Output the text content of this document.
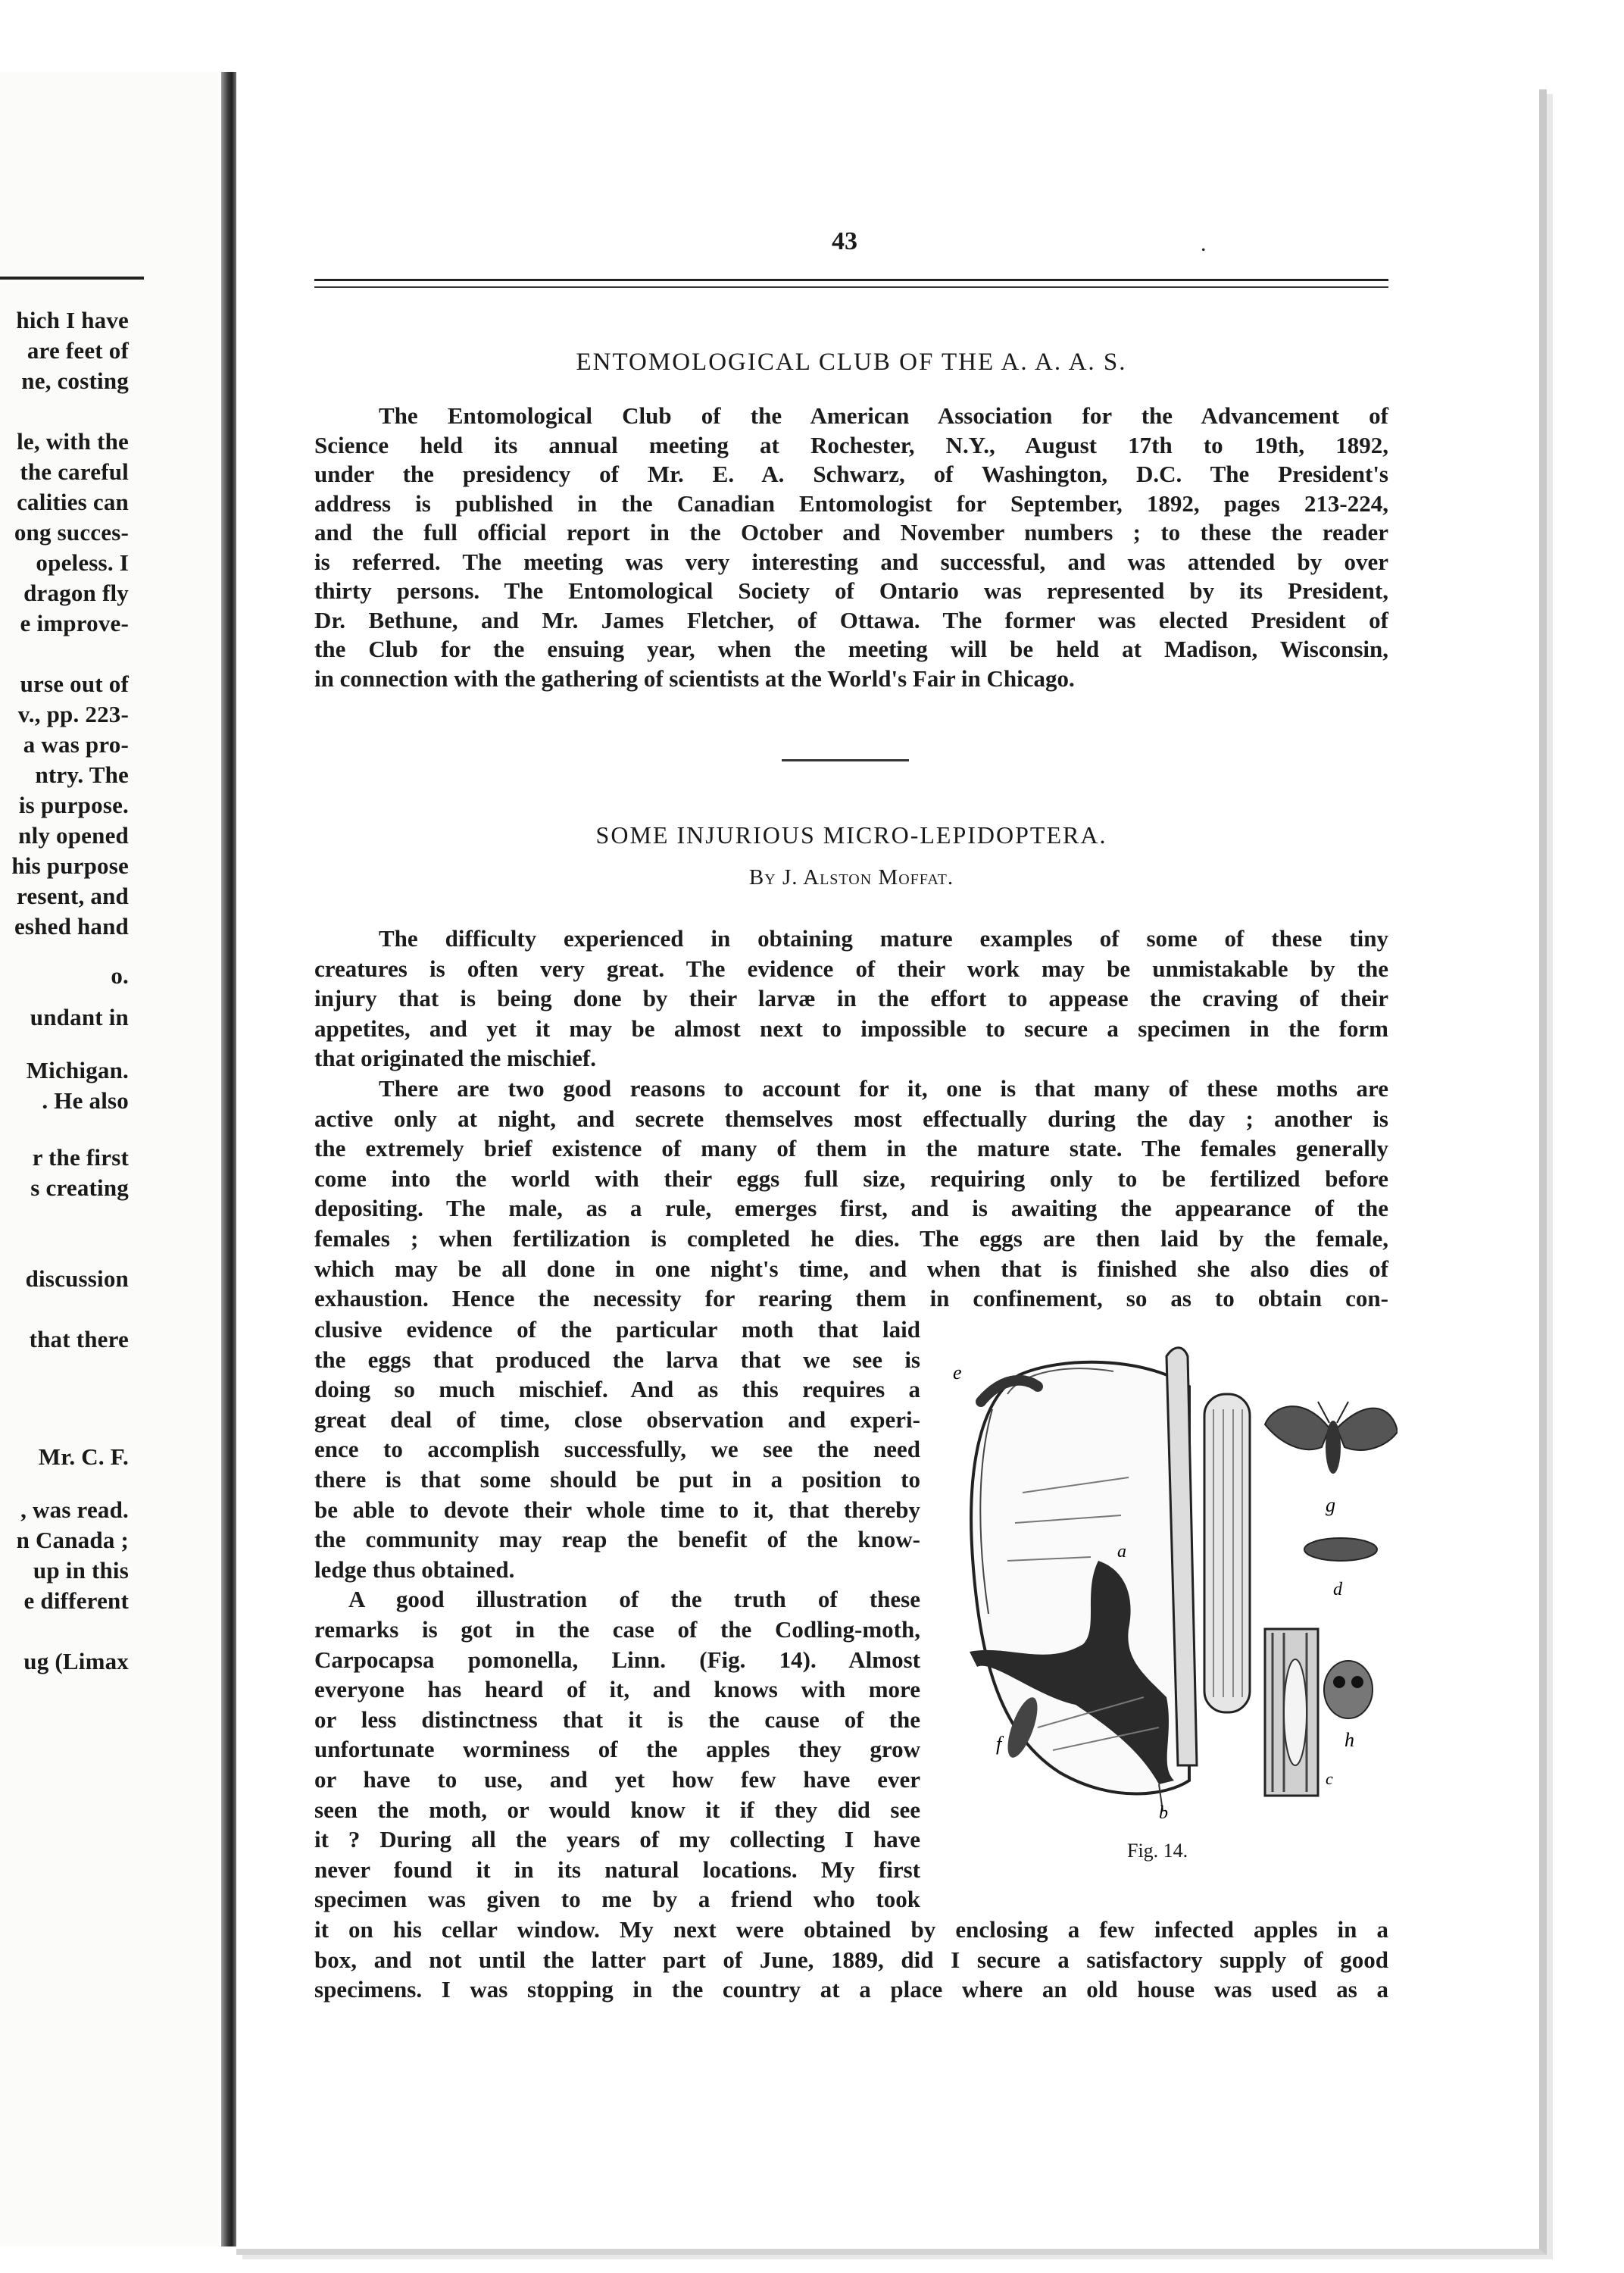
hich I have
are feet of
ne, costing
le, with the
the careful
calities can
ong succes-
opeless. I
dragon fly
e improve-
urse out of
v., pp. 223-
a was pro-
ntry. The
is purpose.
nly opened
his purpose
resent, and
eshed hand
o.
undant in
Michigan.
. He also
r the first
s creating
discussion
that there
Mr. C. F.
, was read.
n Canada ;
up in this
e different
ug (Limax
43	.
ENTOMOLOGICAL CLUB OF THE A. A. A. S.
The Entomological Club of the American Association for the Advancement of
Science held its annual meeting at Rochester, N.Y., August 17th to 19th, 1892,
under the presidency of Mr. E. A. Schwarz, of Washington, D.C. The President's
address is published in the Canadian Entomologist for September, 1892, pages 213-224,
and the full official report in the October and November numbers ; to these the reader
is referred. The meeting was very interesting and successful, and was attended by over
thirty persons. The Entomological Society of Ontario was represented by its President,
Dr. Bethune, and Mr. James Fletcher, of Ottawa. The former was elected President of
the Club for the ensuing year, when the meeting will be held at Madison, Wisconsin,
in connection with the gathering of scientists at the World's Fair in Chicago.
SOME INJURIOUS MICRO-LEPIDOPTERA.
By J. Alston Moffat.
The difficulty experienced in obtaining mature examples of some of these tiny
creatures is often very great. The evidence of their work may be unmistakable by the
injury that is being done by their larvæ in the effort to appease the craving of their
appetites, and yet it may be almost next to impossible to secure a specimen in the form
that originated the mischief.
There are two good reasons to account for it, one is that many of these moths are
active only at night, and secrete themselves most effectually during the day ; another is
the extremely brief existence of many of them in the mature state. The females generally
come into the world with their eggs full size, requiring only to be fertilized before
depositing. The male, as a rule, emerges first, and is awaiting the appearance of the
females ; when fertilization is completed he dies. The eggs are then laid by the female,
which may be all done in one night's time, and when that is finished she also dies of
exhaustion. Hence the necessity for rearing them in confinement, so as to obtain con-
clusive evidence of the particular moth that laid
the eggs that produced the larva that we see is
doing so much mischief. And as this requires a
great deal of time, close observation and experi-
ence to accomplish successfully, we see the need
there is that some should be put in a position to
be able to devote their whole time to it, that thereby
the community may reap the benefit of the know-
ledge thus obtained.
A good illustration of the truth of these
remarks is got in the case of the Codling-moth,
Carpocapsa pomonella, Linn. (Fig. 14). Almost
everyone has heard of it, and knows with more
or less distinctness that it is the cause of the
unfortunate worminess of the apples they grow
or have to use, and yet how few have ever
seen the moth, or would know it if they did see
it ? During all the years of my collecting I have
never found it in its natural locations. My first
specimen was given to me by a friend who took
it on his cellar window. My next were obtained by enclosing a few infected apples in a
box, and not until the latter part of June, 1889, did I secure a satisfactory supply of good
specimens. I was stopping in the country at a place where an old house was used as a
e
a
g
d
f	h
c
b
Fig. 14.
